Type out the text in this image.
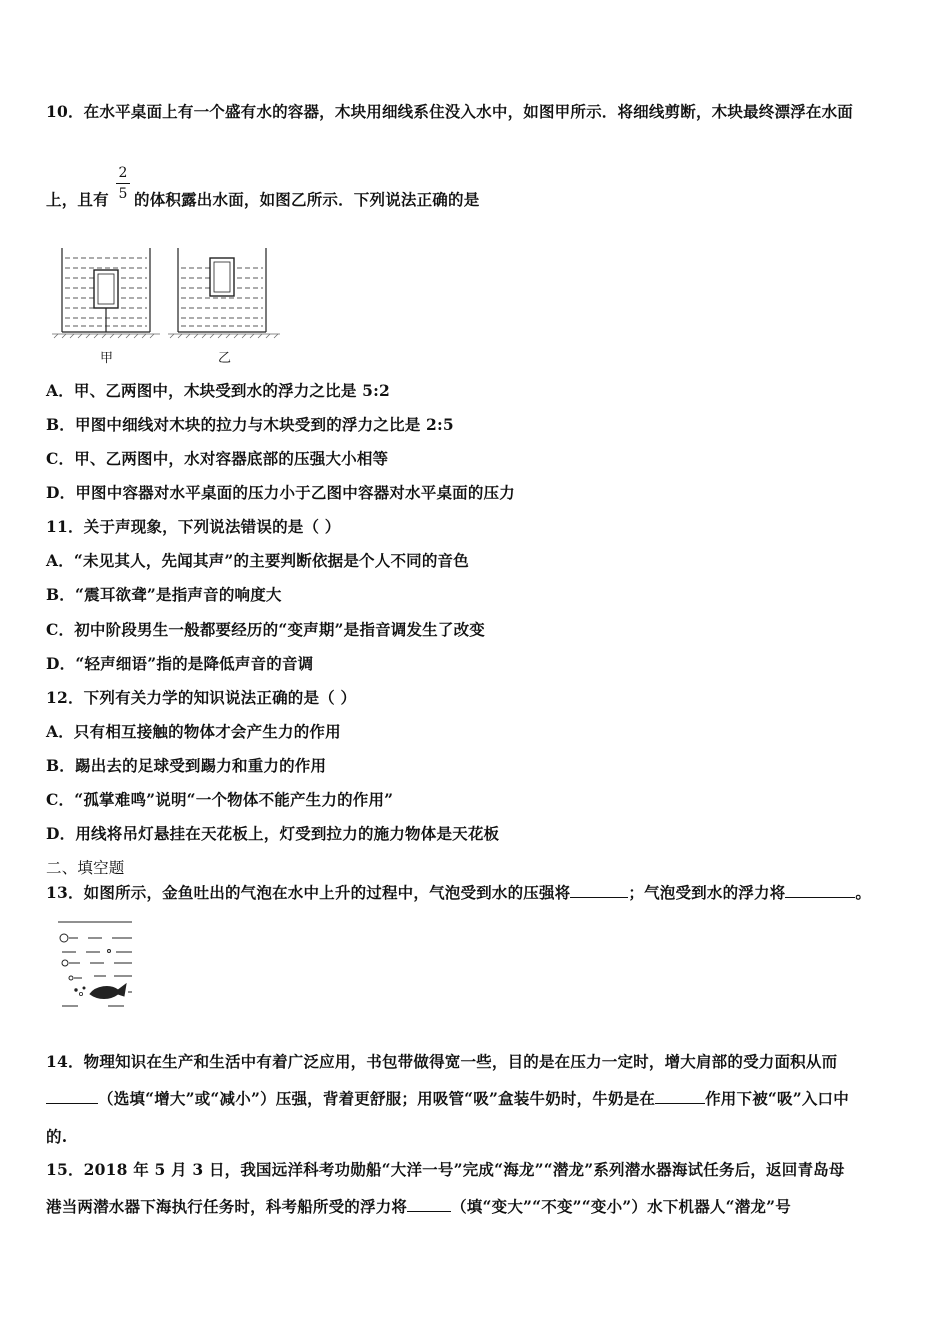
10．在水平桌面上有一个盛有水的容器，木块用细线系住没入水中，如图甲所示．将细线剪断，木块最终漂浮在水面
上，且有
2
5 的体积露出水面，如图乙所示．下列说法正确的是
甲	乙
A．甲、乙两图中，木块受到水的浮力之比是 5:2
B．甲图中细线对木块的拉力与木块受到的浮力之比是 2:5
C．甲、乙两图中，水对容器底部的压强大小相等
D．甲图中容器对水平桌面的压力小于乙图中容器对水平桌面的压力
11．关于声现象，下列说法错误的是（ ）
A．“未见其人，先闻其声”的主要判断依据是个人不同的音色
B．“震耳欲聋”是指声音的响度大
C．初中阶段男生一般都要经历的“变声期”是指音调发生了改变
D．“轻声细语”指的是降低声音的音调
12．下列有关力学的知识说法正确的是（ ）
A．只有相互接触的物体才会产生力的作用
B．踢出去的足球受到踢力和重力的作用
C．“孤掌难鸣”说明“一个物体不能产生力的作用”
D．用线将吊灯悬挂在天花板上，灯受到拉力的施力物体是天花板
二、填空题
13．如图所示，金鱼吐出的气泡在水中上升的过程中，气泡受到水的压强将	；气泡受到水的浮力将	。
14．物理知识在生产和生活中有着广泛应用，书包带做得宽一些，目的是在压力一定时，增大肩部的受力面积从而
（选填“增大”或“减小”）压强，背着更舒服；用吸管“吸”盒装牛奶时，牛奶是在	作用下被“吸”入口中
的.
15．2018 年 5 月 3 日，我国远洋科考功勋船“大洋一号”完成“海龙”“潜龙”系列潜水器海试任务后，返回青岛母
港当两潜水器下海执行任务时，科考船所受的浮力将	（填“变大”“不变”“变小”）水下机器人“潜龙”号
